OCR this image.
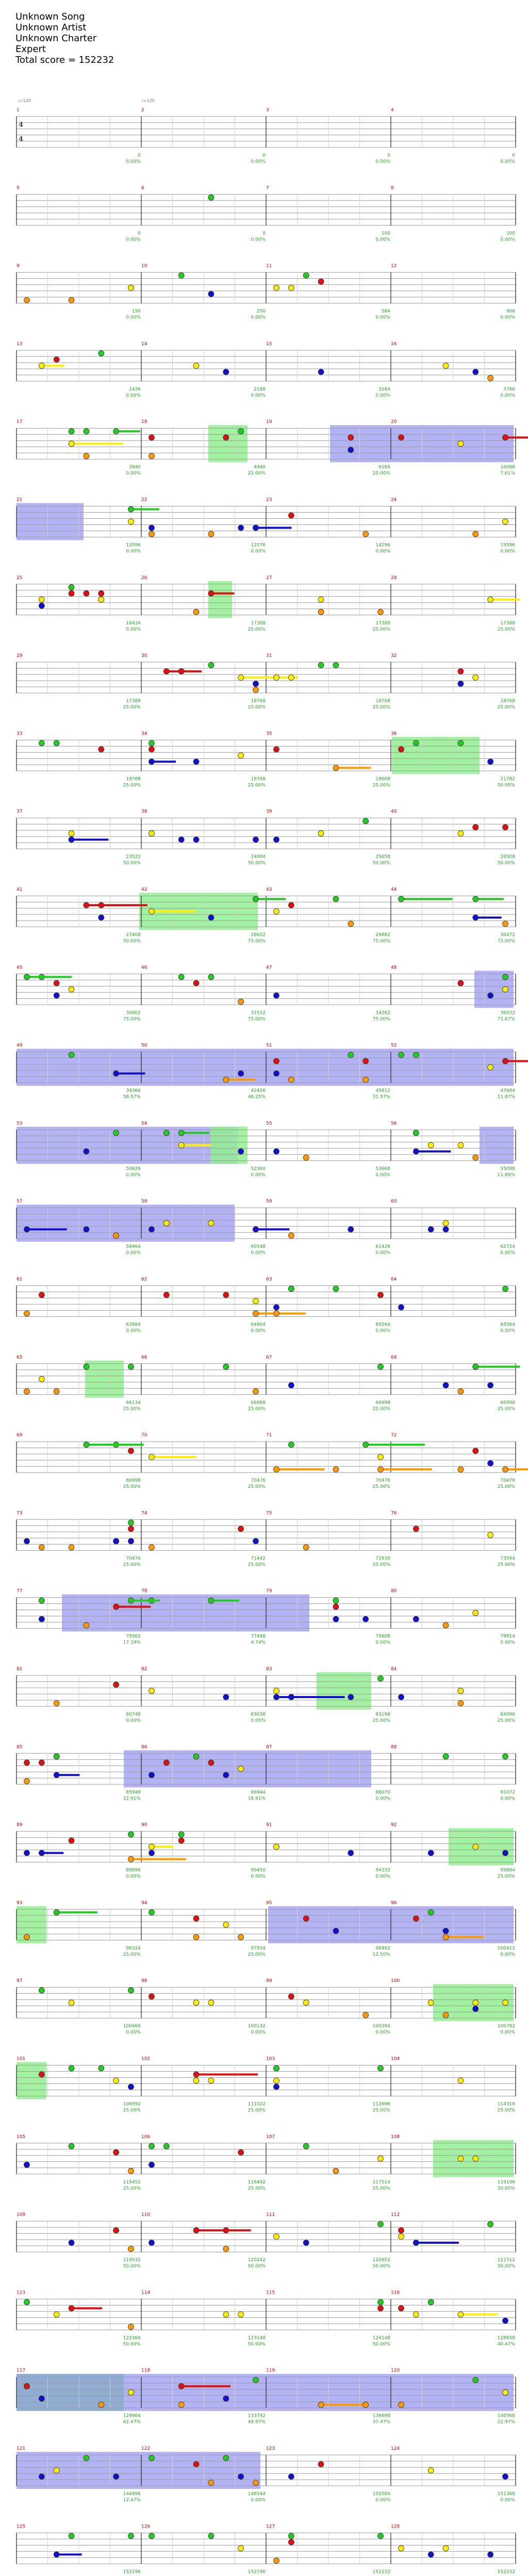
Unknown Song
Unknown Artist
Unknown Charter
Expert
Total score = 152232
1
0
0.00%
2
0
0.00%
3
0
0.00%
4
0
0.00%
4
4
♩=120	♩=120
5
0
0.00%
6
0
0.00%
7
100
0.00%
8
100
0.00%
9
150
0.00%
10
250
0.00%
11
584
0.00%
12
906
0.00%
13
1436
0.00%
14
2188
0.00%
15
3184
0.00%
16
3786
0.00%
17
3940
0.00%
18
4940
25.00%
19
6184
25.00%
20
10088
7.61%
21
12096
0.00%
22
12576
0.00%
23
14296
0.00%
24
15596
0.00%
25
16434
0.00%
26
17388
25.00%
27
17388
25.00%
28
17388
25.00%
29
17388
25.00%
30
18768
25.00%
31
18768
25.00%
32
18768
25.00%
33
18768
25.00%
34
18768
25.00%
35
19608
25.00%
36
21782
50.00%
37
23522
50.00%
38
24804
50.00%
39
25658
50.00%
40
26508
50.00%
41
27408
50.00%
42
28652
75.00%
43
29882
75.00%
44
30472
75.00%
45
30802
75.00%
46
31532
75.00%
47
34262
75.00%
48
36032
71.67%
49
39366
58.57%
50
42426
46.25%
51
45812
31.57%
52
47684
11.87%
53
50626
0.00%
54
52360
0.00%
55
53668
0.00%
56
55088
11.89%
57
58464
0.00%
58
60548
0.00%
59
61426
0.00%
60
62724
0.00%
61
63984
0.00%
62
64904
0.00%
63
65564
0.00%
64
65564
0.00%
65
66134
25.00%
66
66998
25.00%
67
66998
25.00%
68
66998
25.00%
69
66998
25.00%
70
70476
25.00%
71
70476
25.00%
72
70476
25.00%
73
70476
25.00%
74
71442
25.00%
75
72930
25.00%
76
73594
25.00%
77
75562
17.19%
78
77488
4.74%
79
79808
0.00%
80
79914
0.00%
81
80748
0.00%
82
83038
0.00%
83
83198
25.00%
84
84096
25.00%
85
85948
22.91%
86
86944
18.91%
87
88070
0.00%
88
91072
0.00%
89
89896
0.00%
90
90450
0.00%
91
94332
0.00%
92
95864
25.00%
93
96324
25.00%
94
97934
25.00%
95
98462
12.50%
96
100412
0.00%
97
100466
0.00%
98
100132
0.00%
99
100394
0.00%
100
100792
0.00%
101
106592
25.00%
102
111022
25.00%
103
112696
25.00%
104
114318
25.00%
105
115452
25.00%
106
116492
25.00%
107
117514
25.00%
108
119196
50.00%
109
119532
50.00%
110
120242
50.00%
111
120852
50.00%
112
121512
50.00%
113
122366
50.00%
114
123148
50.00%
115
124148
50.00%
116
128658
40.47%
117
129984
62.47%
118
133792
49.97%
119
136698
37.47%
120
140568
22.97%
121
144996
12.47%
122
148544
0.00%
123
150584
0.00%
124
151368
0.00%
125
152196
126
152196
127
152232
128
152232
